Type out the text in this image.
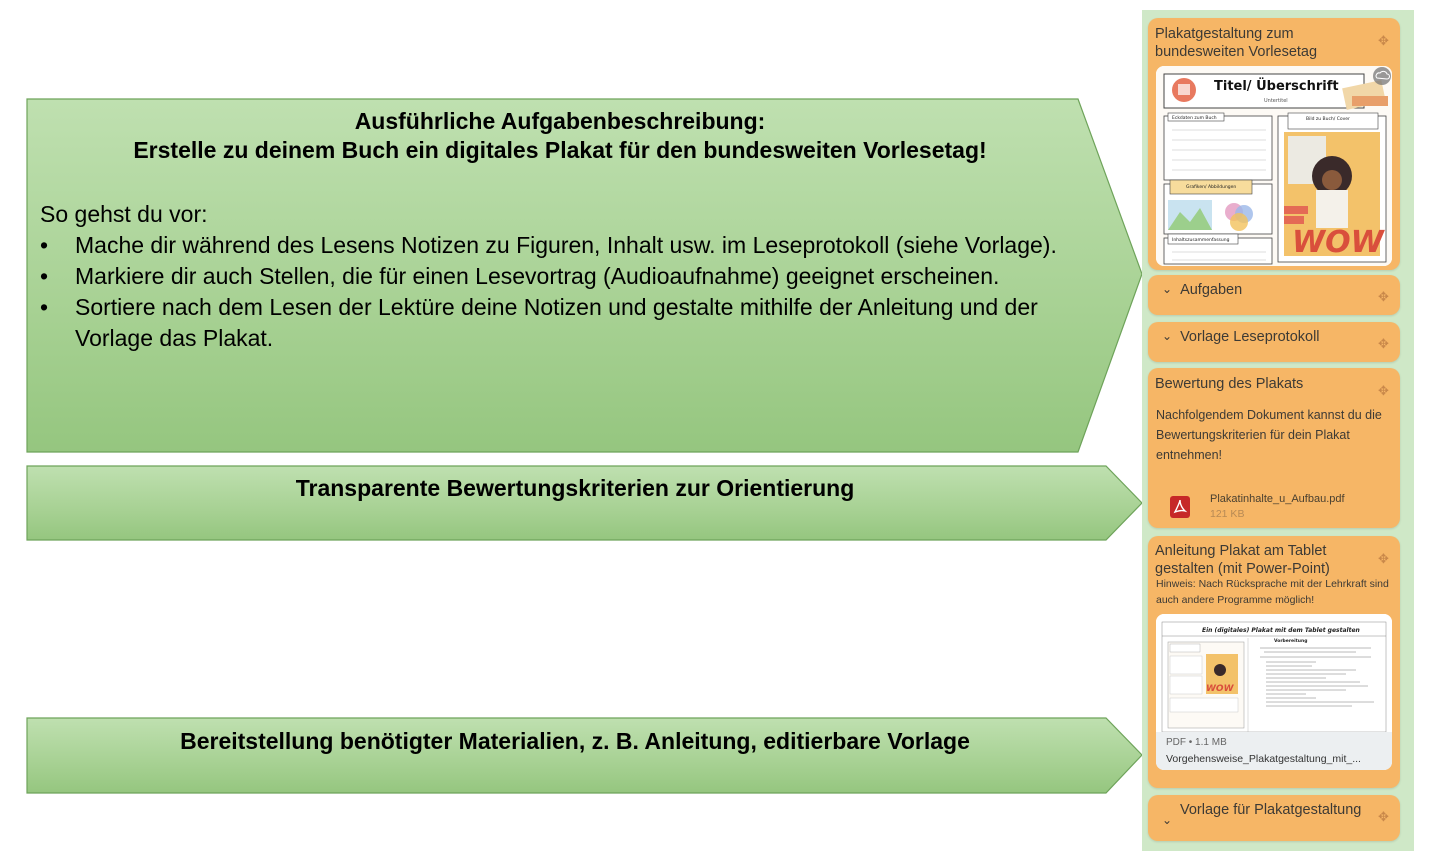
Ausführliche Aufgabenbeschreibung:
Erstelle zu deinem Buch ein digitales Plakat für den bundesweiten Vorlesetag!
So gehst du vor:
• Mache dir während des Lesens Notizen zu Figuren, Inhalt usw. im Leseprotokoll (siehe Vorlage).
• Markiere dir auch Stellen, die für einen Lesevortrag (Audioaufnahme) geeignet erscheinen.
• Sortiere nach dem Lesen der Lektüre deine Notizen und gestalte mithilfe der Anleitung und der Vorlage das Plakat.
Transparente Bewertungskriterien zur Orientierung
Bereitstellung benötigter Materialien, z. B. Anleitung, editierbare Vorlage
Plakatgestaltung zum bundesweiten Vorlesetag
✥
Titel/ Überschrift
Untertitel
Eckdaten zum Buch	Bild zu Buch/ Cover
WOW
Grafiken/ Abbildungen
Inhaltszusammenfassung
⌄ Aufgaben	✥
⌄ Vorlage Leseprotokoll	✥
Bewertung des Plakats	✥
Nachfolgendem Dokument kannst du die Bewertungskriterien für dein Plakat entnehmen!
Plakatinhalte_u_Aufbau.pdf
121 KB
Anleitung Plakat am Tablet gestalten (mit Power-Point)
✥
Hinweis: Nach Rücksprache mit der Lehrkraft sind auch andere Programme möglich!
Ein (digitales) Plakat mit dem Tablet gestalten
Vorbereitung
WOW
PDF • 1.1 MB
Vorgehensweise_Plakatgestaltung_mit_...
⌄
Vorlage für Plakatgestaltung ✥
